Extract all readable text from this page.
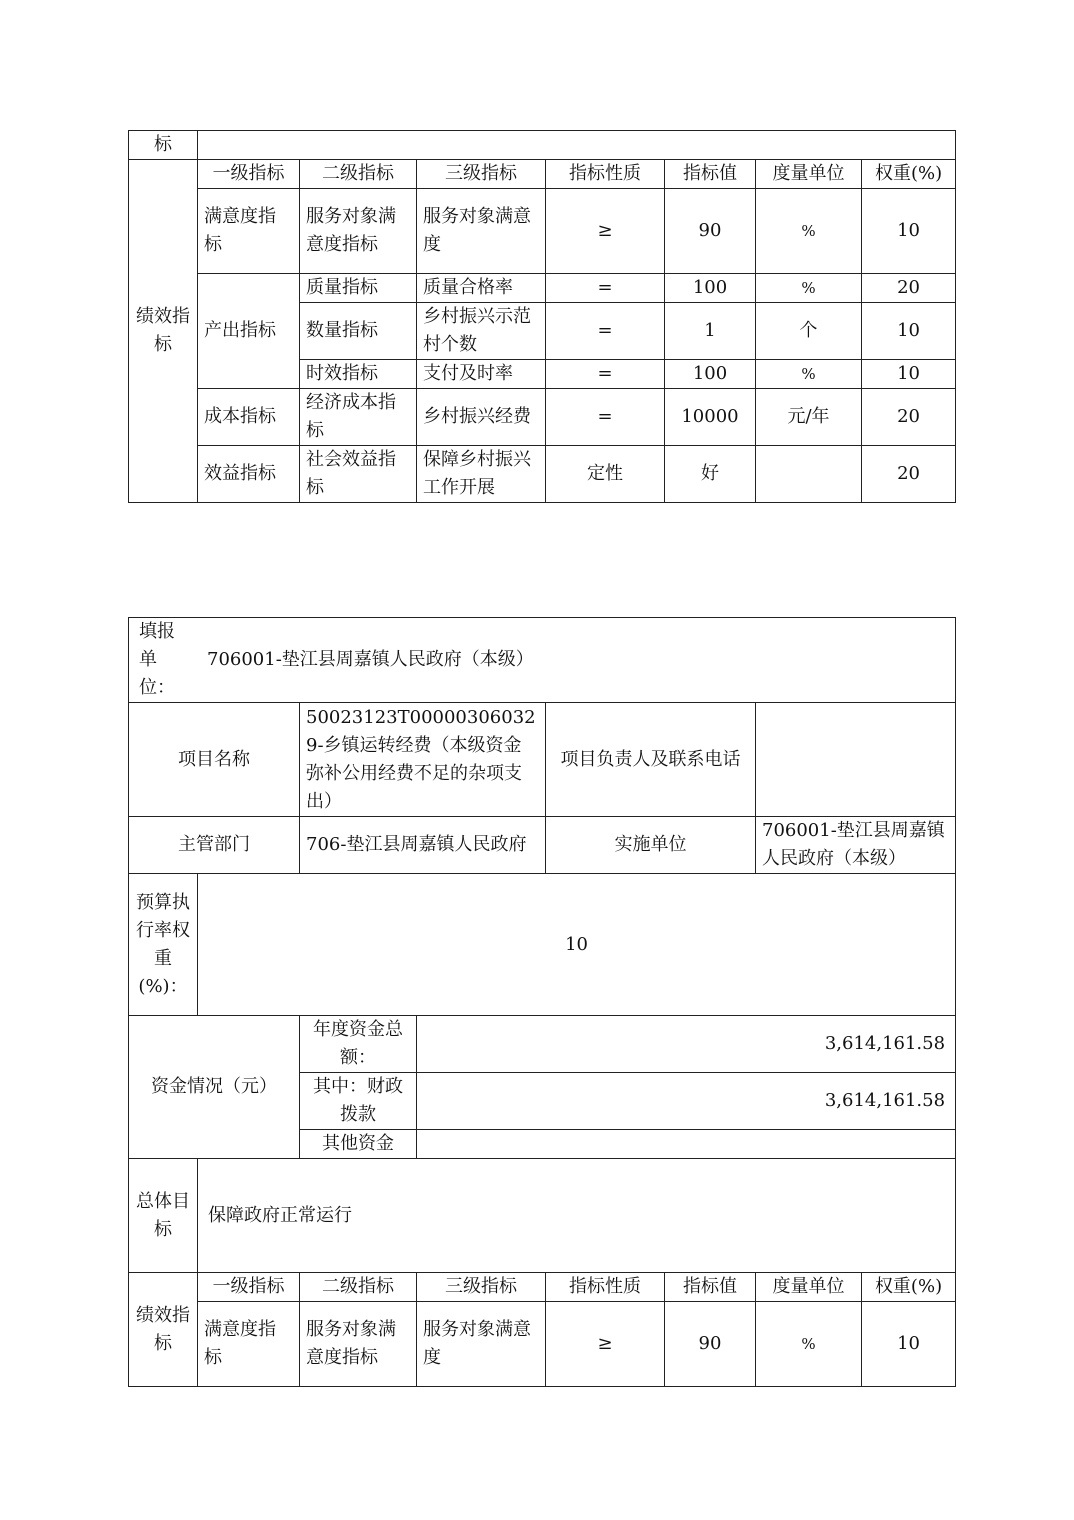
标							
绩效指标	一级指标	二级指标	三级指标	指标性质	指标值	度量单位	权重(%)
	满意度指标	服务对象满意度指标	服务对象满意度	≥	90	%	10
	产出指标	质量指标	质量合格率	=	100	%	20
		数量指标	乡村振兴示范村个数	=	1	个	10
		时效指标	支付及时率	=	100	%	10
	成本指标	经济成本指标	乡村振兴经费	=	10000	元/年	20
	效益指标	社会效益指标	保障乡村振兴工作开展	定性	好		20
填报单位：
706001-垫江县周嘉镇人民政府（本级）							

项目名称		50023123T000003060329-乡镇运转经费（本级资金弥补公用经费不足的杂项支出）		项目负责人及联系电话			
主管部门		706-垫江县周嘉镇人民政府		实施单位		706001-垫江县周嘉镇人民政府（本级）	
预算执行率权重(%)：	10						
资金情况（元）		年度资金总额：	3,614,161.58				
		其中：财政拨款	3,614,161.58				
		其他资金					
总体目标	保障政府正常运行						
绩效指标	一级指标	二级指标	三级指标	指标性质	指标值	度量单位	权重(%)
	满意度指标	服务对象满意度指标	服务对象满意度	≥	90	%	10
